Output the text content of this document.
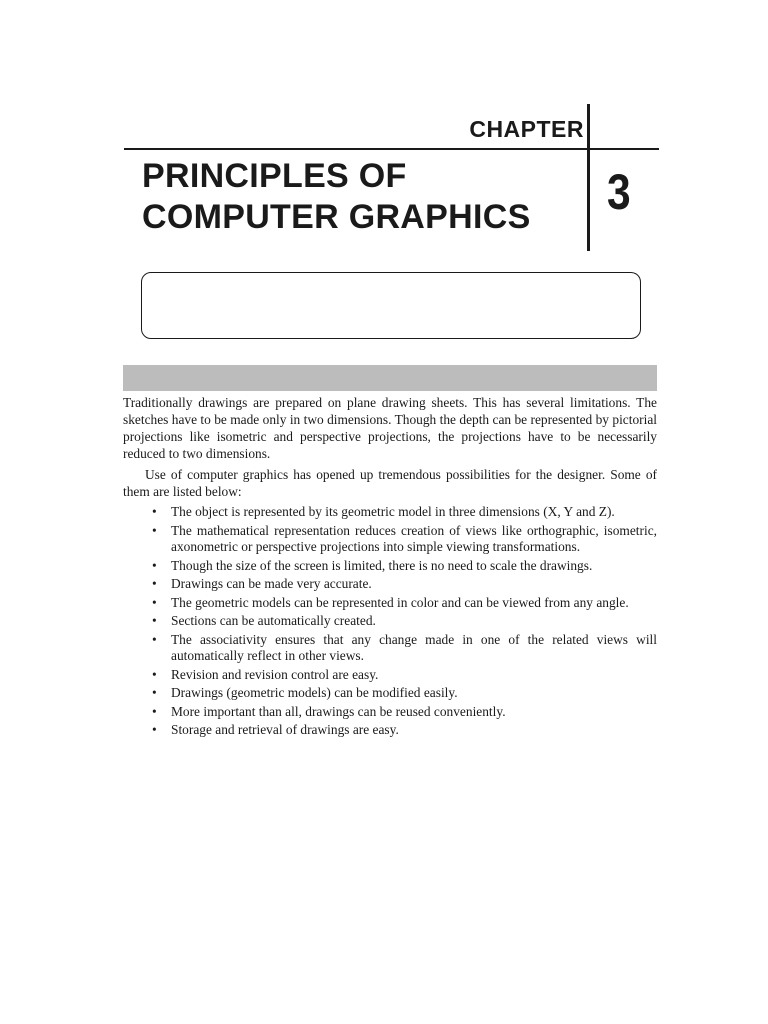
CHAPTER
PRINCIPLES OF
COMPUTER GRAPHICS 3

Traditionally drawings are prepared on plane drawing sheets. This has several limitations. The sketches have to be made only in two dimensions. Though the depth can be represented by pictorial projections like isometric and perspective projections, the projections have to be necessarily reduced to two dimensions.

Use of computer graphics has opened up tremendous possibilities for the designer. Some of them are listed below:

• The object is represented by its geometric model in three dimensions (X, Y and Z).
• The mathematical representation reduces creation of views like orthographic, isometric, axonometric or perspective projections into simple viewing transformations.
• Though the size of the screen is limited, there is no need to scale the drawings.
• Drawings can be made very accurate.
• The geometric models can be represented in color and can be viewed from any angle.
• Sections can be automatically created.
• The associativity ensures that any change made in one of the related views will automatically reflect in other views.
• Revision and revision control are easy.
• Drawings (geometric models) can be modified easily.
• More important than all, drawings can be reused conveniently.
• Storage and retrieval of drawings are easy.
